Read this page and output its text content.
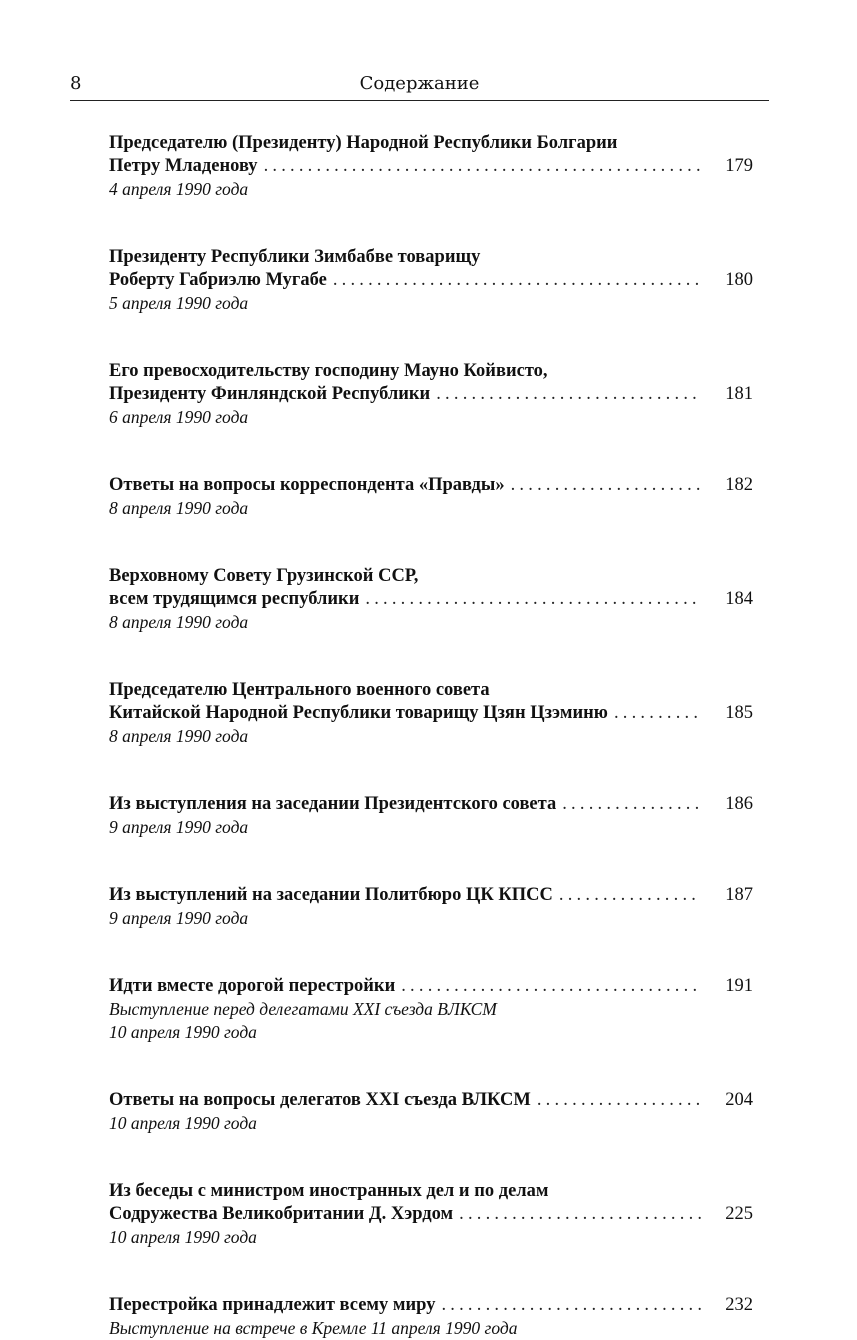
8	Содержание
Председателю (Президенту) Народной Республики Болгарии
Петру Младенову .....	179
4 апреля 1990 года
Президенту Республики Зимбабве товарищу
Роберту Габриэлю Мугабе .....	180
5 апреля 1990 года
Его превосходительству господину Мауно Койвисто,
Президенту Финляндской Республики .....	181
6 апреля 1990 года
Ответы на вопросы корреспондента «Правды» .....	182
8 апреля 1990 года
Верховному Совету Грузинской ССР,
всем трудящимся республики .....	184
8 апреля 1990 года
Председателю Центрального военного совета
Китайской Народной Республики товарищу Цзян Цзэминю .....	185
8 апреля 1990 года
Из выступления на заседании Президентского совета .....	186
9 апреля 1990 года
Из выступлений на заседании Политбюро ЦК КПСС .....	187
9 апреля 1990 года
Идти вместе дорогой перестройки .....	191
Выступление перед делегатами XXI съезда ВЛКСМ
10 апреля 1990 года
Ответы на вопросы делегатов XXI съезда ВЛКСМ .....	204
10 апреля 1990 года
Из беседы с министром иностранных дел и по делам
Содружества Великобритании Д. Хэрдом .....	225
10 апреля 1990 года
Перестройка принадлежит всему миру .....	232
Выступление на встрече в Кремле 11 апреля 1990 года
